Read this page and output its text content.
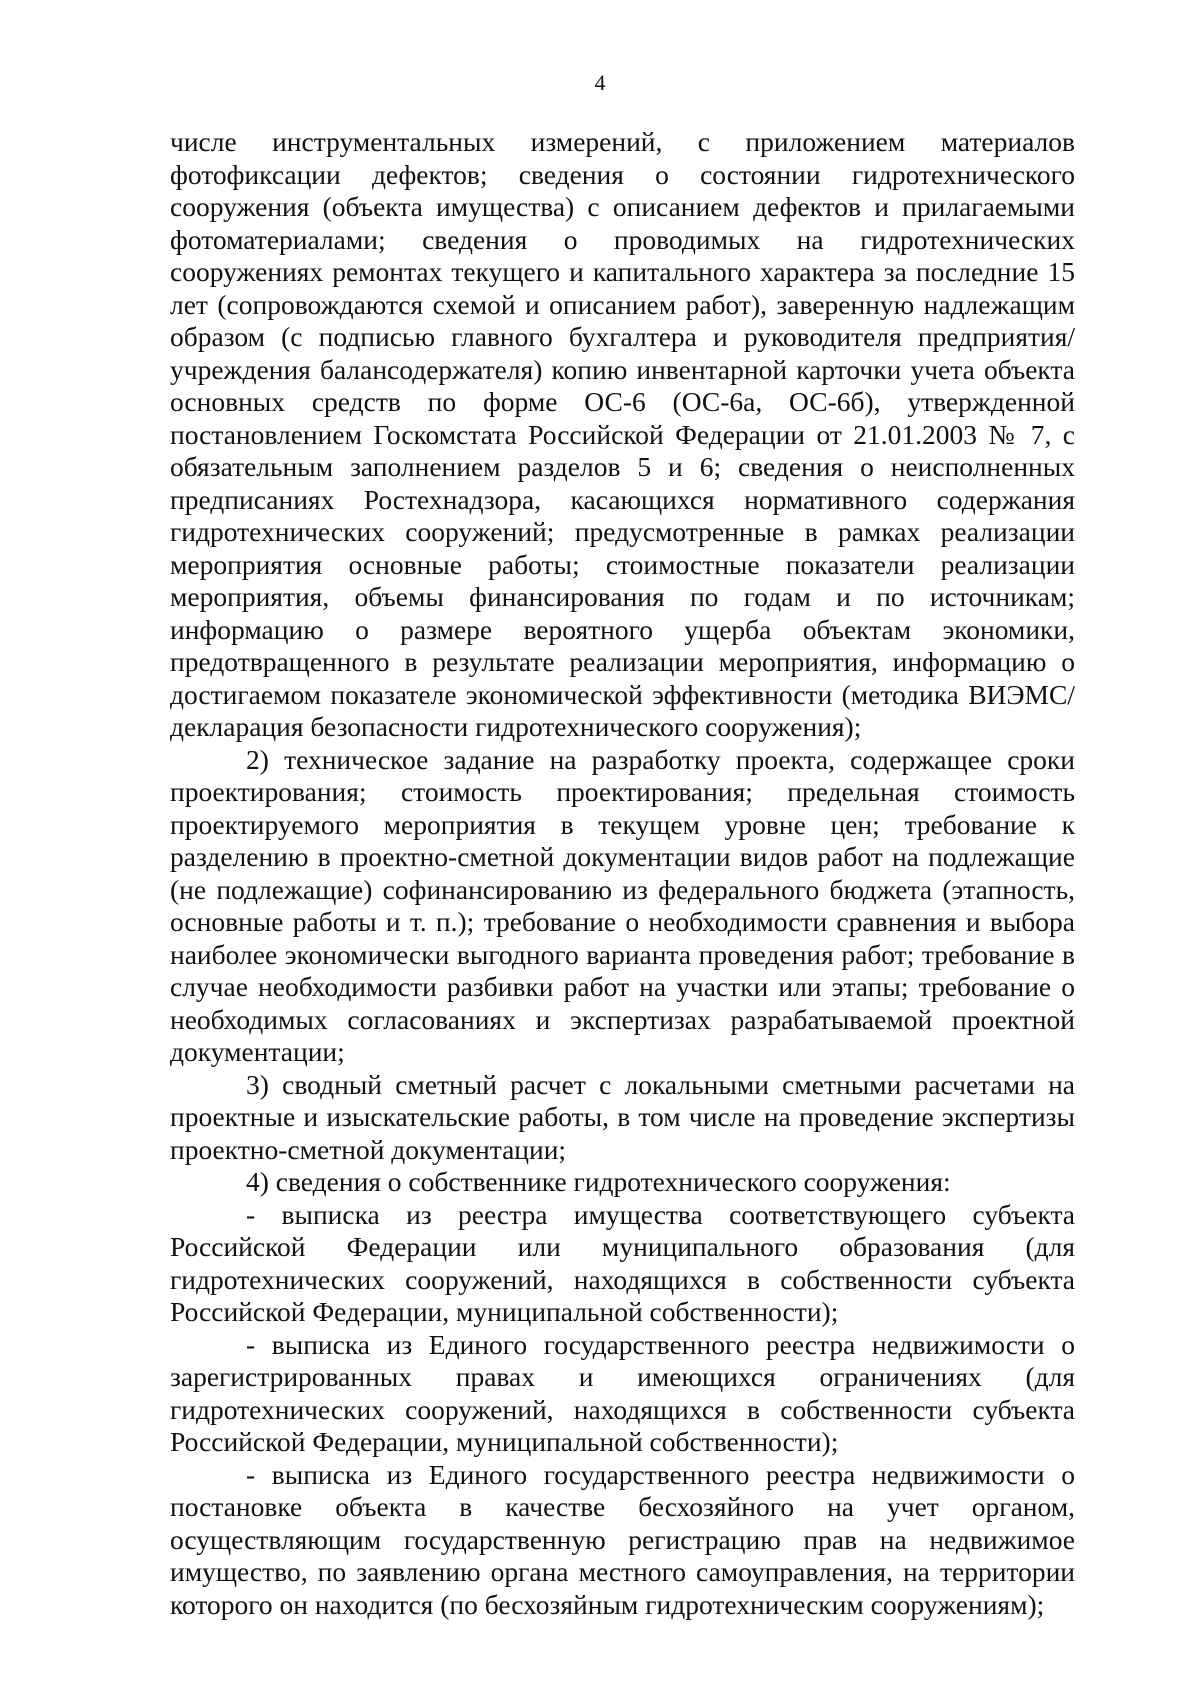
4

числе инструментальных измерений, с приложением материалов фотофиксации дефектов; сведения о состоянии гидротехнического сооружения (объекта имущества) с описанием дефектов и прилагаемыми фотоматериалами; сведения о проводимых на гидротехнических сооружениях ремонтах текущего и капитального характера за последние 15 лет (сопровождаются схемой и описанием работ), заверенную надлежащим образом (с подписью главного бухгалтера и руководителя предприятия/учреждения балансодержателя) копию инвентарной карточки учета объекта основных средств по форме ОС-6 (ОС-6а, ОС-6б), утвержденной постановлением Госкомстата Российской Федерации от 21.01.2003 № 7, с обязательным заполнением разделов 5 и 6; сведения о неисполненных предписаниях Ростехнадзора, касающихся нормативного содержания гидротехнических сооружений; предусмотренные в рамках реализации мероприятия основные работы; стоимостные показатели реализации мероприятия, объемы финансирования по годам и по источникам; информацию о размере вероятного ущерба объектам экономики, предотвращенного в результате реализации мероприятия, информацию о достигаемом показателе экономической эффективности (методика ВИЭМС/декларация безопасности гидротехнического сооружения);

2) техническое задание на разработку проекта, содержащее сроки проектирования; стоимость проектирования; предельная стоимость проектируемого мероприятия в текущем уровне цен; требование к разделению в проектно-сметной документации видов работ на подлежащие (не подлежащие) софинансированию из федерального бюджета (этапность, основные работы и т. п.); требование о необходимости сравнения и выбора наиболее экономически выгодного варианта проведения работ; требование в случае необходимости разбивки работ на участки или этапы; требование о необходимых согласованиях и экспертизах разрабатываемой проектной документации;

3) сводный сметный расчет с локальными сметными расчетами на проектные и изыскательские работы, в том числе на проведение экспертизы проектно-сметной документации;

4) сведения о собственнике гидротехнического сооружения:

- выписка из реестра имущества соответствующего субъекта Российской Федерации или муниципального образования (для гидротехнических сооружений, находящихся в собственности субъекта Российской Федерации, муниципальной собственности);

- выписка из Единого государственного реестра недвижимости о зарегистрированных правах и имеющихся ограничениях (для гидротехнических сооружений, находящихся в собственности субъекта Российской Федерации, муниципальной собственности);

- выписка из Единого государственного реестра недвижимости о постановке объекта в качестве бесхозяйного на учет органом, осуществляющим государственную регистрацию прав на недвижимое имущество, по заявлению органа местного самоуправления, на территории которого он находится (по бесхозяйным гидротехническим сооружениям);
